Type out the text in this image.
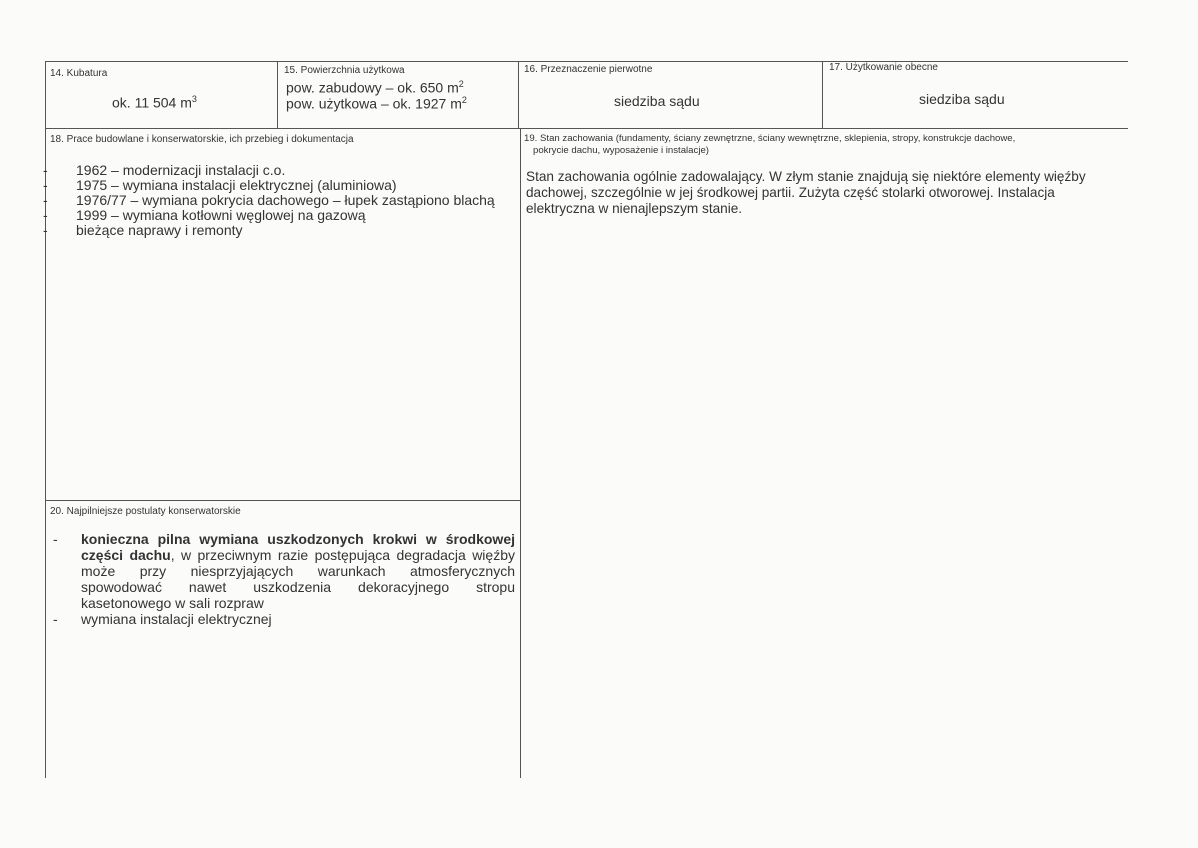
14. Kubatura
ok. 11 504 $m^3$
15. Powierzchnia użytkowa
pow. zabudowy – ok. 650 $m^2$
pow. użytkowa – ok. 1927 $m^2$
16. Przeznaczenie pierwotne
siedziba sądu
17. Użytkowanie obecne
siedziba sądu
18. Prace budowlane i konserwatorskie, ich przebieg i dokumentacja
- 1962 – modernizacji instalacji c.o.
- 1975 – wymiana instalacji elektrycznej (aluminiowa)
- 1976/77 – wymiana pokrycia dachowego – łupek zastąpiono blachą
- 1999 – wymiana kotłowni węglowej na gazową
- bieżące naprawy i remonty
19. Stan zachowania (fundamenty, ściany zewnętrzne, ściany wewnętrzne, sklepienia, stropy, konstrukcje dachowe,
pokrycie dachu, wyposażenie i instalacje)
Stan zachowania ogólnie zadowalający. W złym stanie znajdują się niektóre elementy więźby dachowej, szczególnie w jej środkowej partii. Zużyta część stolarki otworowej. Instalacja elektryczna w nienajlepszym stanie.
20. Najpilniejsze postulaty konserwatorskie
- konieczna pilna wymiana uszkodzonych krokwi w środkowej części dachu, w przeciwnym razie postępująca degradacja więźby może przy niesprzyjających warunkach atmosferycznych spowodować nawet uszkodzenia dekoracyjnego stropu kasetonowego w sali rozpraw
- wymiana instalacji elektrycznej
